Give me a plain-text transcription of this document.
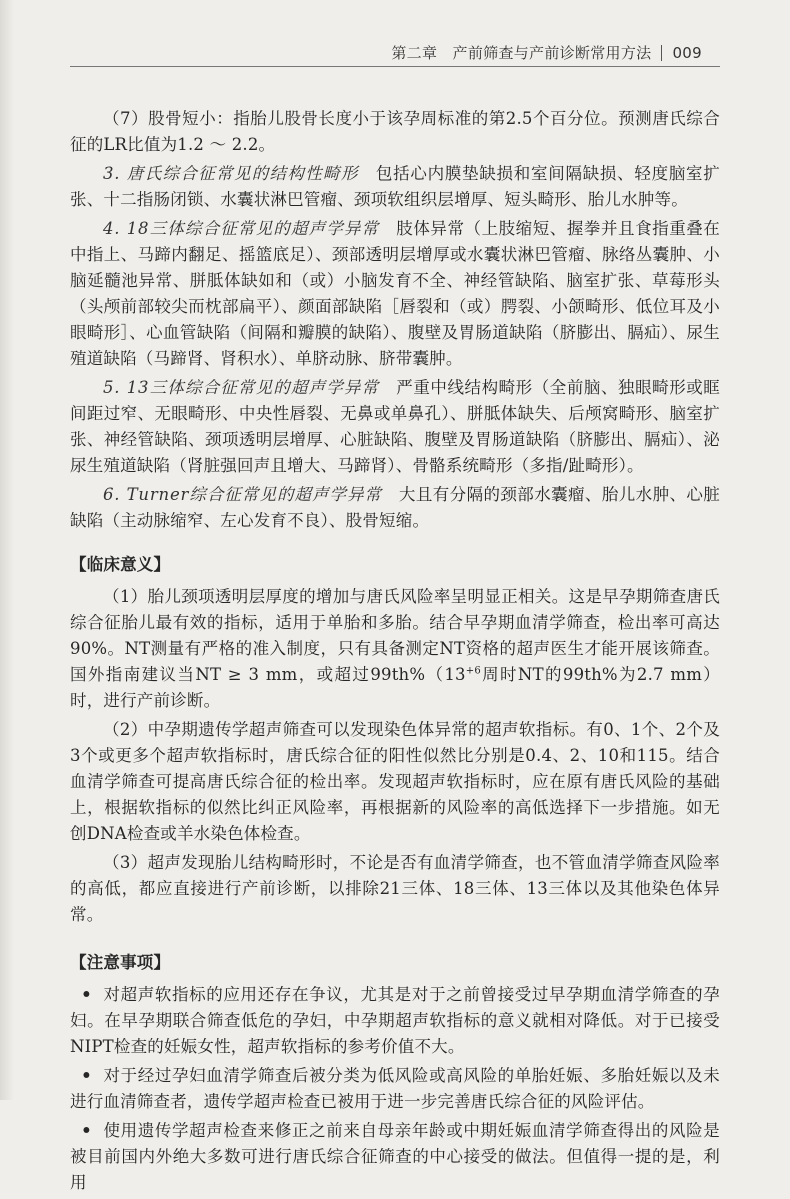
第二章　产前筛查与产前诊断常用方法 009

（7）股骨短小：指胎儿股骨长度小于该孕周标准的第2.5个百分位。预测唐氏综合征的LR比值为1.2 ～ 2.2。

3. 唐氏综合征常见的结构性畸形　包括心内膜垫缺损和室间隔缺损、轻度脑室扩张、十二指肠闭锁、水囊状淋巴管瘤、颈项软组织层增厚、短头畸形、胎儿水肿等。

4. 18三体综合征常见的超声学异常　肢体异常（上肢缩短、握拳并且食指重叠在中指上、马蹄内翻足、摇篮底足）、颈部透明层增厚或水囊状淋巴管瘤、脉络丛囊肿、小脑延髓池异常、胼胝体缺如和（或）小脑发育不全、神经管缺陷、脑室扩张、草莓形头（头颅前部较尖而枕部扁平）、颜面部缺陷［唇裂和（或）腭裂、小颌畸形、低位耳及小眼畸形］、心血管缺陷（间隔和瓣膜的缺陷）、腹壁及胃肠道缺陷（脐膨出、膈疝）、尿生殖道缺陷（马蹄肾、肾积水）、单脐动脉、脐带囊肿。

5. 13三体综合征常见的超声学异常　严重中线结构畸形（全前脑、独眼畸形或眶间距过窄、无眼畸形、中央性唇裂、无鼻或单鼻孔）、胼胝体缺失、后颅窝畸形、脑室扩张、神经管缺陷、颈项透明层增厚、心脏缺陷、腹壁及胃肠道缺陷（脐膨出、膈疝）、泌尿生殖道缺陷（肾脏强回声且增大、马蹄肾）、骨骼系统畸形（多指/趾畸形）。

6. Turner综合征常见的超声学异常　大且有分隔的颈部水囊瘤、胎儿水肿、心脏缺陷（主动脉缩窄、左心发育不良）、股骨短缩。

【临床意义】

（1）胎儿颈项透明层厚度的增加与唐氏风险率呈明显正相关。这是早孕期筛查唐氏综合征胎儿最有效的指标，适用于单胎和多胎。结合早孕期血清学筛查，检出率可高达90%。NT测量有严格的准入制度，只有具备测定NT资格的超声医生才能开展该筛查。国外指南建议当NT ≥ 3 mm，或超过$99th\%(13^{+6}$周时NT的99th%为2.7 mm）时，进行产前诊断。

（2）中孕期遗传学超声筛查可以发现染色体异常的超声软指标。有0、1个、2个及3个或更多个超声软指标时，唐氏综合征的阳性似然比分别是0.4、2、10和115。结合血清学筛查可提高唐氏综合征的检出率。发现超声软指标时，应在原有唐氏风险的基础上，根据软指标的似然比纠正风险率，再根据新的风险率的高低选择下一步措施。如无创DNA检查或羊水染色体检查。

（3）超声发现胎儿结构畸形时，不论是否有血清学筛查，也不管血清学筛查风险率的高低，都应直接进行产前诊断，以排除21三体、18三体、13三体以及其他染色体异常。

【注意事项】

• 对超声软指标的应用还存在争议，尤其是对于之前曾接受过早孕期血清学筛查的孕妇。在早孕期联合筛查低危的孕妇，中孕期超声软指标的意义就相对降低。对于已接受NIPT检查的妊娠女性，超声软指标的参考价值不大。

• 对于经过孕妇血清学筛查后被分类为低风险或高风险的单胎妊娠、多胎妊娠以及未进行血清筛查者，遗传学超声检查已被用于进一步完善唐氏综合征的风险评估。

• 使用遗传学超声检查来修正之前来自母亲年龄或中期妊娠血清学筛查得出的风险是被目前国内外绝大多数可进行唐氏综合征筛查的中心接受的做法。但值得一提的是，利用
